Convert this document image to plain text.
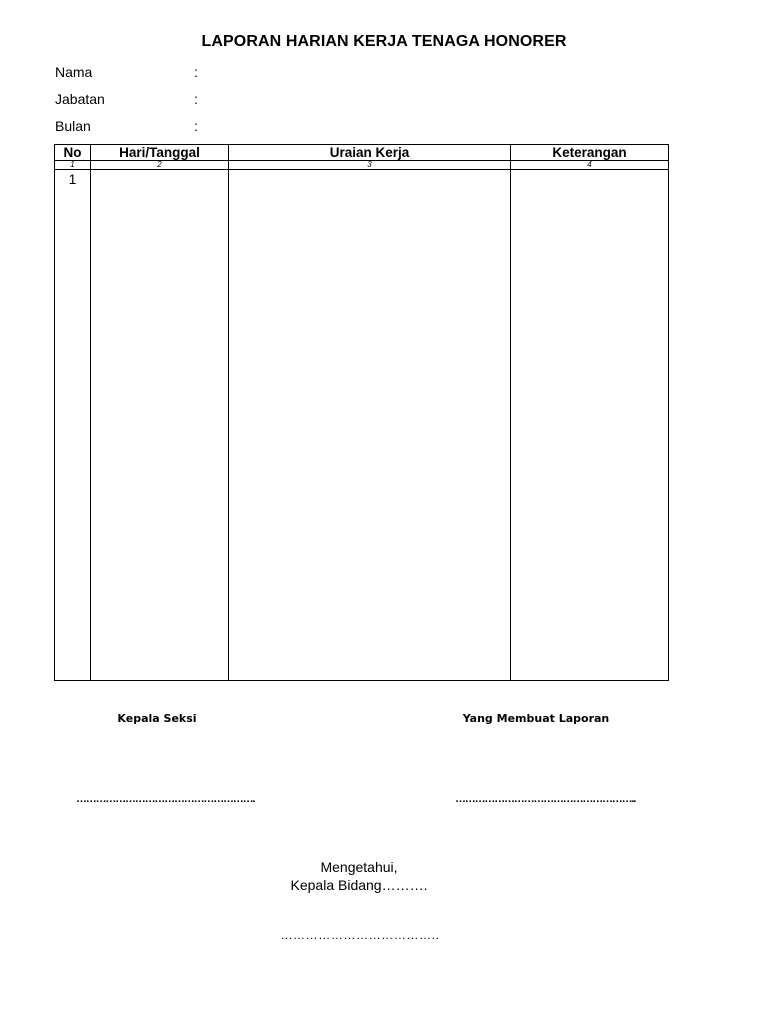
LAPORAN HARIAN KERJA TENAGA HONORER
Nama	:
Jabatan	:
Bulan	:
No	Hari/Tanggal	Uraian Kerja	Keterangan
1	2	3	4
1			
Kepala Seksi	Yang Membuat Laporan
……………………………………………….	………………………………………………..
Mengetahui,
Kepala Bidang……….
………………………………..
